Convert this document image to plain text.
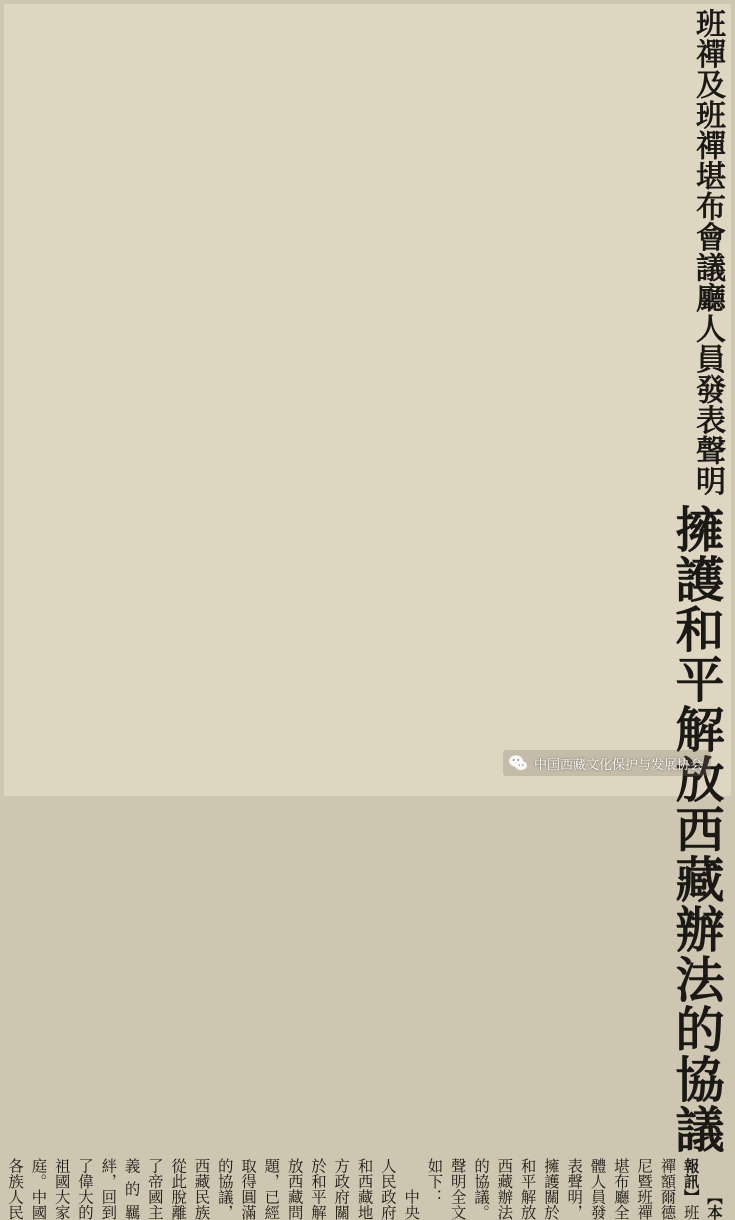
班禪及班禪堪布會議廳人員發表聲明
擁護和平解放西藏辦法的協議

【本報訊】班禪額爾德尼暨班禪堪布廳全體人員發表聲明，擁護關於和平解放西藏辦法的協議。聲明全文如下：

中央人民政府和西藏地方政府關於和平解放西藏問題，已經取得圓滿的協議，西藏民族從此脫離了帝國主義的羈絆，回到了偉大的祖國大家庭。中國各族人民

中国西藏文化保护与发展协会
